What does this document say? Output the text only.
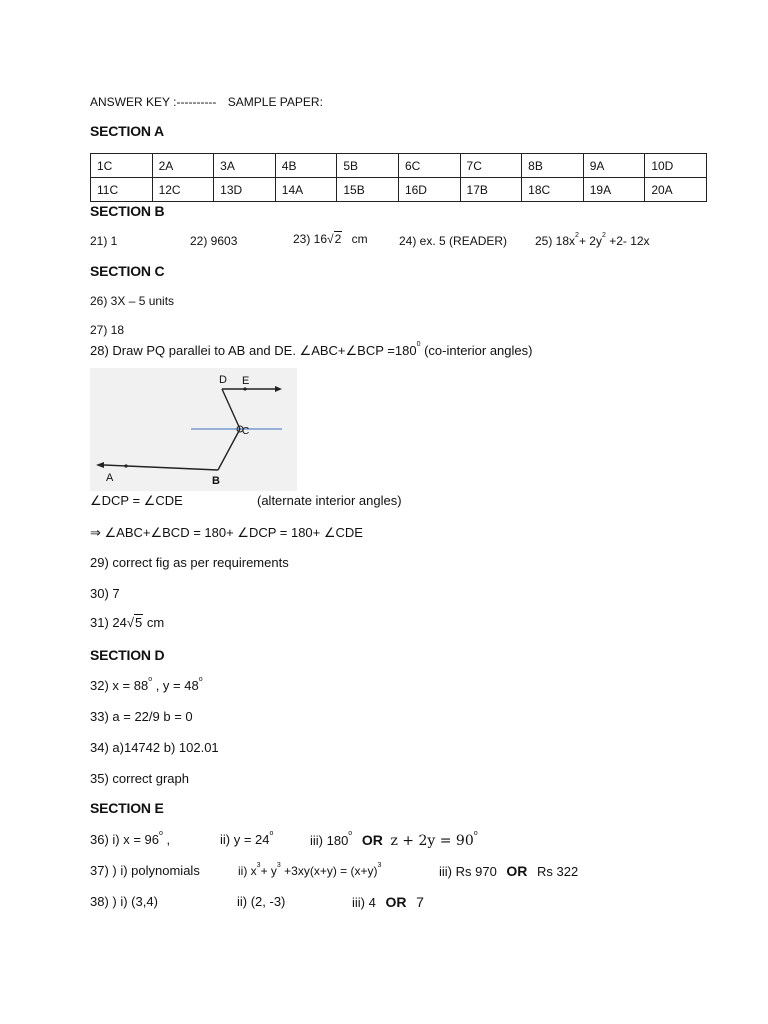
ANSWER KEY :---------- SAMPLE PAPER:
SECTION A
1C	2A	3A	4B	5B	6C	7C	8B	9A	10D
11C	12C	13D	14A	15B	16D	17B	18C	19A	20A
SECTION B
21) 1	22) 9603	23) 16√2 cm	24) ex. 5 (READER) 25) $18x^2+ 2y^2 +2-$ 12x
SECTION C
26) 3X – 5 units
27) 18
28) Draw PQ parallei to AB and DE. ∠ABC+∠BCP $=180^0$ (co-interior angles)
D E
C
A	B
∠DCP = ∠CDE	(alternate interior angles)
⇒ ∠ABC+∠BCD = 180+ ∠DCP = 180+ ∠CDE
29) correct fig as per requirements
30) 7
31) 24√5 cm
SECTION D
32) $x = 88^o$ , $y = 48^o$
33) a = 22/9 b = 0
34) a)14742 b) 102.01
35) correct graph
SECTION E
36) i) $x = 96^o$ ,	ii) $y = 24^o$	iii) 180$^o$ OR $z + 2y = 90^o$
37) ) i) polynomials	ii) $x^3+ y^3 +3xy(x+y) = (x+y)^3$	iii) Rs 970 OR Rs 322
38) ) i) (3,4)	ii) (2, -3)	iii) 4 OR 7
